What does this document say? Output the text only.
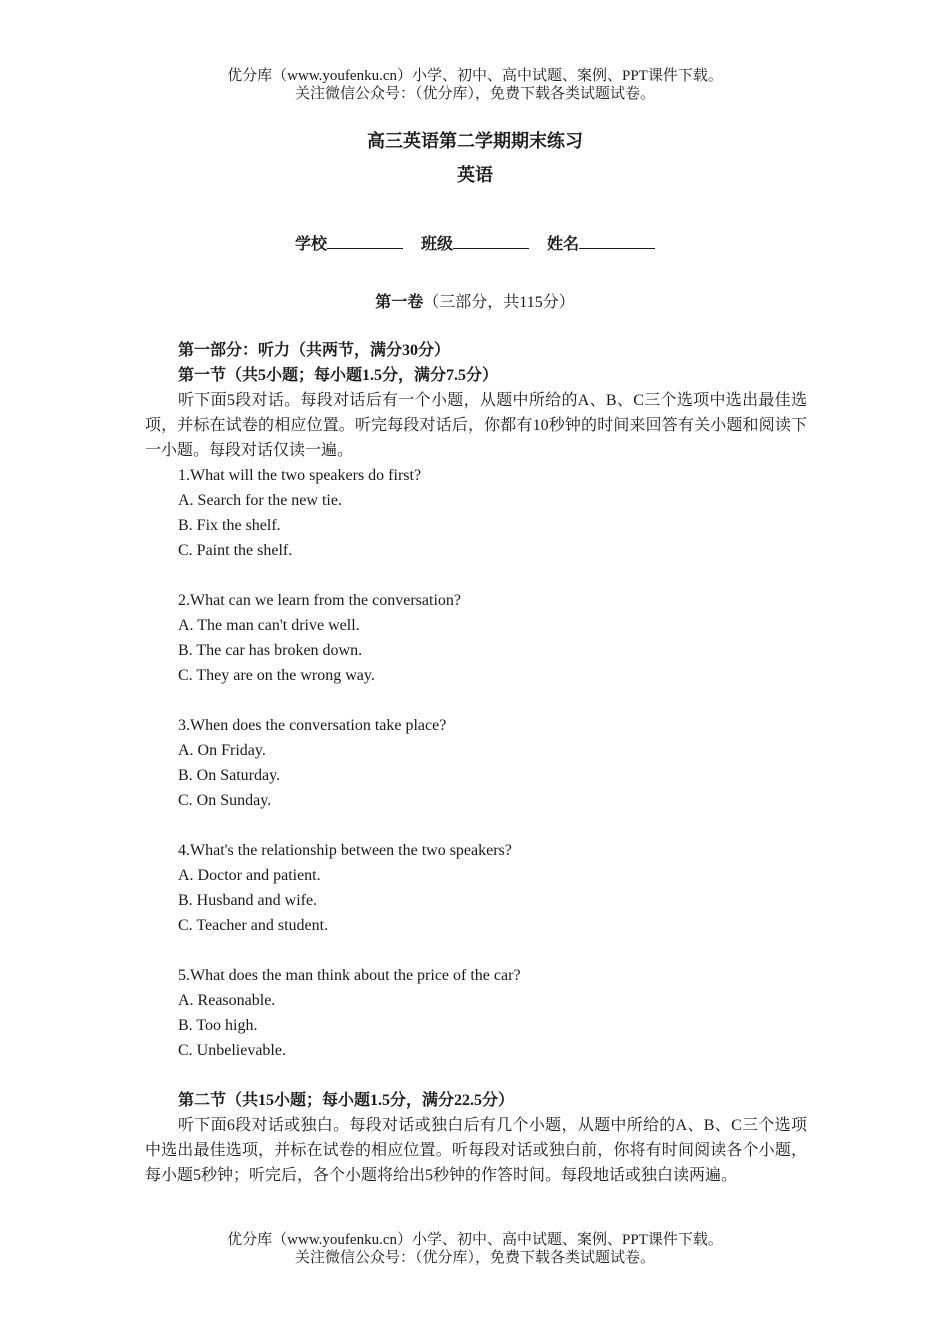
优分库（www.youfenku.cn）小学、初中、高中试题、案例、PPT课件下载。
关注微信公众号：（优分库），免费下载各类试题试卷。
高三英语第二学期期末练习
英语
学校	班级	姓名
第一卷（三部分，共115分）
第一部分：听力（共两节，满分30分）
第一节（共5小题；每小题1.5分，满分7.5分）
听下面5段对话。每段对话后有一个小题，从题中所给的A、B、C三个选项中选出最佳选项，并标在试卷的相应位置。听完每段对话后，你都有10秒钟的时间来回答有关小题和阅读下一小题。每段对话仅读一遍。
1.What will the two speakers do first?
A. Search for the new tie.
B. Fix the shelf.
C. Paint the shelf.
2.What can we learn from the conversation?
A. The man can't drive well.
B. The car has broken down.
C. They are on the wrong way.
3.When does the conversation take place?
A. On Friday.
B. On Saturday.
C. On Sunday.
4.What's the relationship between the two speakers?
A. Doctor and patient.
B. Husband and wife.
C. Teacher and student.
5.What does the man think about the price of the car?
A. Reasonable.
B. Too high.
C. Unbelievable.
第二节（共15小题；每小题1.5分，满分22.5分）
听下面6段对话或独白。每段对话或独白后有几个小题，从题中所给的A、B、C三个选项中选出最佳选项，并标在试卷的相应位置。听每段对话或独白前，你将有时间阅读各个小题，每小题5秒钟；听完后，各个小题将给出5秒钟的作答时间。每段地话或独白读两遍。
优分库（www.youfenku.cn）小学、初中、高中试题、案例、PPT课件下载。
关注微信公众号：（优分库），免费下载各类试题试卷。
